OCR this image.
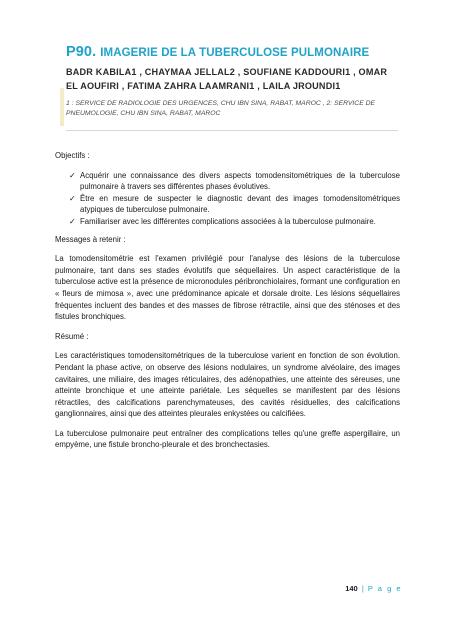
P90. IMAGERIE DE LA TUBERCULOSE PULMONAIRE
BADR KABILA1 , CHAYMAA JELLAL2 , SOUFIANE KADDOURI1 , OMAR EL AOUFIRI , FATIMA ZAHRA LAAMRANI1 , LAILA JROUNDI1
1 : SERVICE DE RADIOLOGIE DES URGENCES, CHU IBN SINA, RABAT, MAROC , 2: SERVICE DE PNEUMOLOGIE, CHU IBN SINA, RABAT, MAROC
Objectifs :
✓ Acquérir une connaissance des divers aspects tomodensitométriques de la tuberculose pulmonaire à travers ses différentes phases évolutives.
✓ Être en mesure de suspecter le diagnostic devant des images tomodensitométriques atypiques de tuberculose pulmonaire.
✓ Familiariser avec les différentes complications associées à la tuberculose pulmonaire.
Messages à retenir :

La tomodensitométrie est l'examen privilégié pour l'analyse des lésions de la tuberculose pulmonaire, tant dans ses stades évolutifs que séquellaires. Un aspect caractéristique de la tuberculose active est la présence de micronodules péribronchiolaires, formant une configuration en « fleurs de mimosa », avec une prédominance apicale et dorsale droite. Les lésions séquellaires fréquentes incluent des bandes et des masses de fibrose rétractile, ainsi que des sténoses et des fistules bronchiques.

Résumé :

Les caractéristiques tomodensitométriques de la tuberculose varient en fonction de son évolution. Pendant la phase active, on observe des lésions nodulaires, un syndrome alvéolaire, des images cavitaires, une miliaire, des images réticulaires, des adénopathies, une atteinte des séreuses, une atteinte bronchique et une atteinte pariétale. Les séquelles se manifestent par des lésions rétractiles, des calcifications parenchymateuses, des cavités résiduelles, des calcifications ganglionnaires, ainsi que des atteintes pleurales enkystées ou calcifiées.

La tuberculose pulmonaire peut entraîner des complications telles qu'une greffe aspergillaire, un empyème, une fistule broncho-pleurale et des bronchectasies.

140 | P a g e
